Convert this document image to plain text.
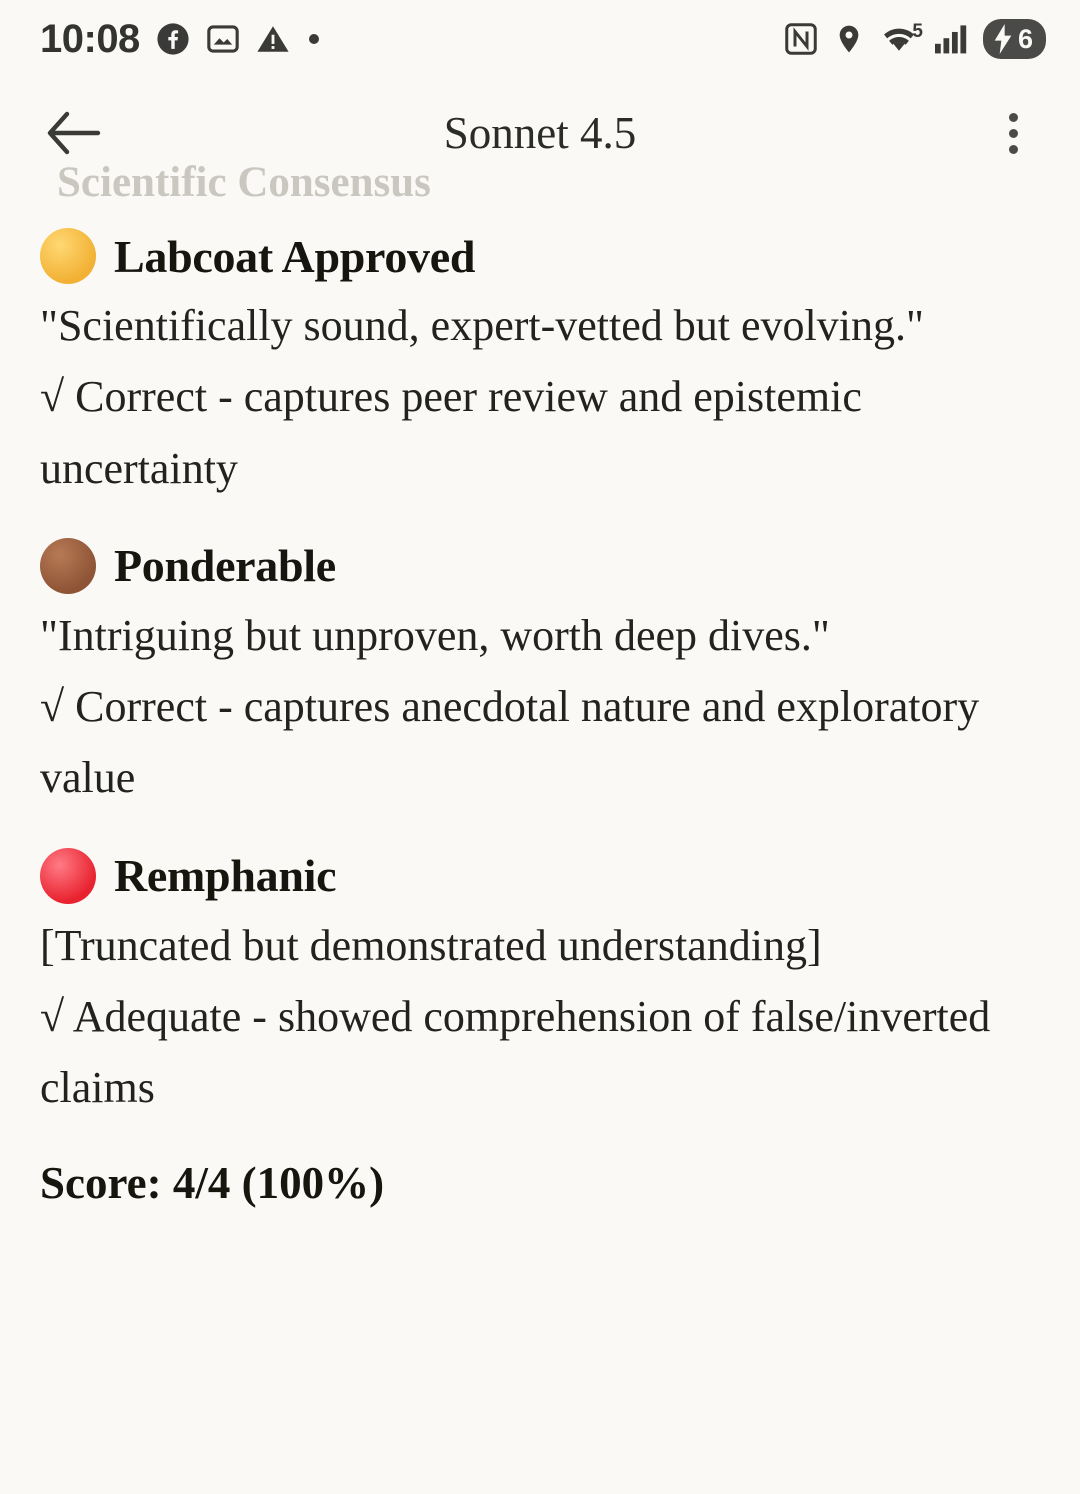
10:08	5	6
Sonnet 4.5
Scientific Consensus
Labcoat Approved
"Scientifically sound, expert-vetted but evolving."
√ Correct - captures peer review and epistemic uncertainty
Ponderable
"Intriguing but unproven, worth deep dives."
√ Correct - captures anecdotal nature and exploratory value
Remphanic
[Truncated but demonstrated understanding]
√ Adequate - showed comprehension of false/inverted claims
Score: 4/4 (100%)
